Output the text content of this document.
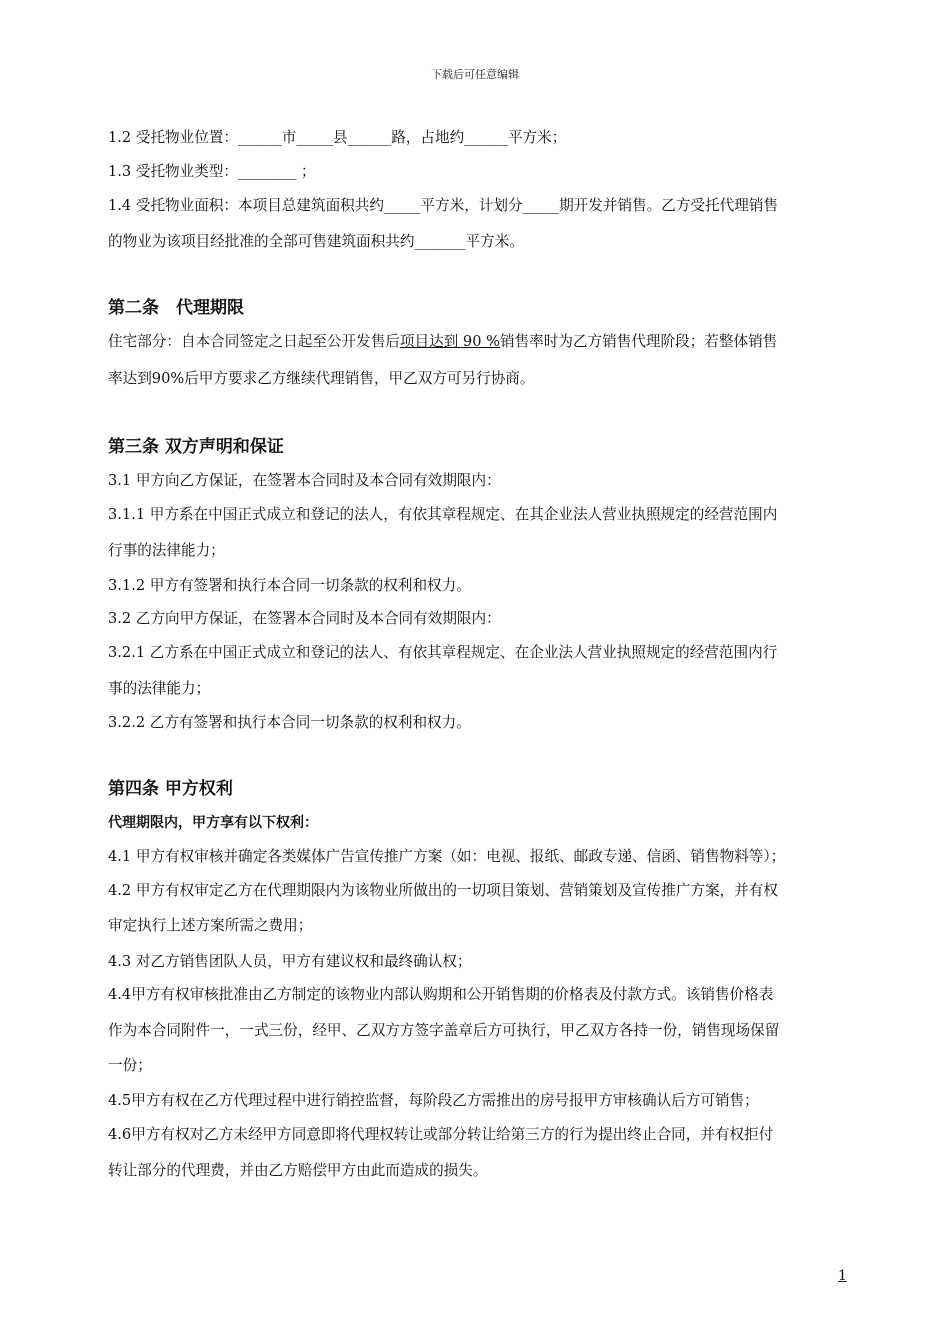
下载后可任意编辑
1.2 受托物业位置：______市_____县______路，占地约______平方米；
1.3 受托物业类型：________ ；
1.4 受托物业面积：本项目总建筑面积共约_____平方米，计划分_____期开发并销售。乙方受托代理销售
的物业为该项目经批准的全部可售建筑面积共约_______平方米。
第二条　代理期限
住宅部分：自本合同签定之日起至公开发售后项目达到 90 %销售率时为乙方销售代理阶段；若整体销售
率达到90%后甲方要求乙方继续代理销售，甲乙双方可另行协商。
第三条 双方声明和保证
3.1 甲方向乙方保证，在签署本合同时及本合同有效期限内：
3.1.1 甲方系在中国正式成立和登记的法人，有依其章程规定、在其企业法人营业执照规定的经营范围内
行事的法律能力；
3.1.2 甲方有签署和执行本合同一切条款的权利和权力。
3.2 乙方向甲方保证，在签署本合同时及本合同有效期限内：
3.2.1 乙方系在中国正式成立和登记的法人、有依其章程规定、在企业法人营业执照规定的经营范围内行
事的法律能力；
3.2.2 乙方有签署和执行本合同一切条款的权利和权力。
第四条 甲方权利
代理期限内，甲方享有以下权利：
4.1 甲方有权审核并确定各类媒体广告宣传推广方案（如：电视、报纸、邮政专递、信函、销售物料等）；
4.2 甲方有权审定乙方在代理期限内为该物业所做出的一切项目策划、营销策划及宣传推广方案，并有权
审定执行上述方案所需之费用；
4.3 对乙方销售团队人员，甲方有建议权和最终确认权；
4.4甲方有权审核批准由乙方制定的该物业内部认购期和公开销售期的价格表及付款方式。该销售价格表
作为本合同附件一，一式三份，经甲、乙双方方签字盖章后方可执行，甲乙双方各持一份，销售现场保留
一份；
4.5甲方有权在乙方代理过程中进行销控监督，每阶段乙方需推出的房号报甲方审核确认后方可销售；
4.6甲方有权对乙方未经甲方同意即将代理权转让或部分转让给第三方的行为提出终止合同，并有权拒付
转让部分的代理费，并由乙方赔偿甲方由此而造成的损失。
1
